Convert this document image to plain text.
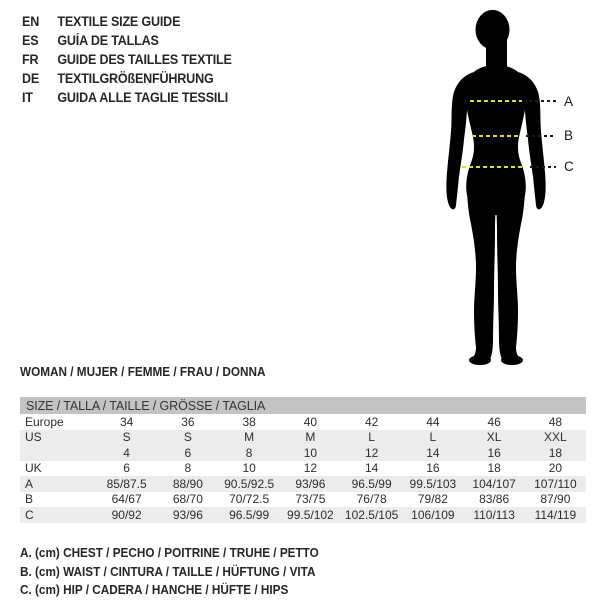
EN	TEXTILE SIZE GUIDE
ES	GUÍA DE TALLAS
FR	GUIDE DES TAILLES TEXTILE
DE	TEXTILGRÖßENFÜHRUNG
IT	GUIDA ALLE TAGLIE TESSILI	A
B
C
WOMAN / MUJER / FEMME / FRAU / DONNA
SIZE / TALLA / TAILLE / GRÖSSE / TAGLIA								
Europe	34	36	38	40	42	44	46	48
US	S	S	M	M	L	L	XL	XXL
	4	6	8	10	12	14	16	18
UK	6	8	10	12	14	16	18	20
A	85/87.5	88/90	90.5/92.5	93/96	96.5/99	99.5/103	104/107	107/110
B	64/67	68/70	70/72.5	73/75	76/78	79/82	83/86	87/90
C	90/92	93/96	96.5/99	99.5/102	102.5/105	106/109	110/113	114/119
A. (cm) CHEST / PECHO / POITRINE / TRUHE / PETTO
B. (cm) WAIST / CINTURA / TAILLE / HÜFTUNG / VITA
C. (cm) HIP / CADERA / HANCHE / HÜFTE / HIPS
